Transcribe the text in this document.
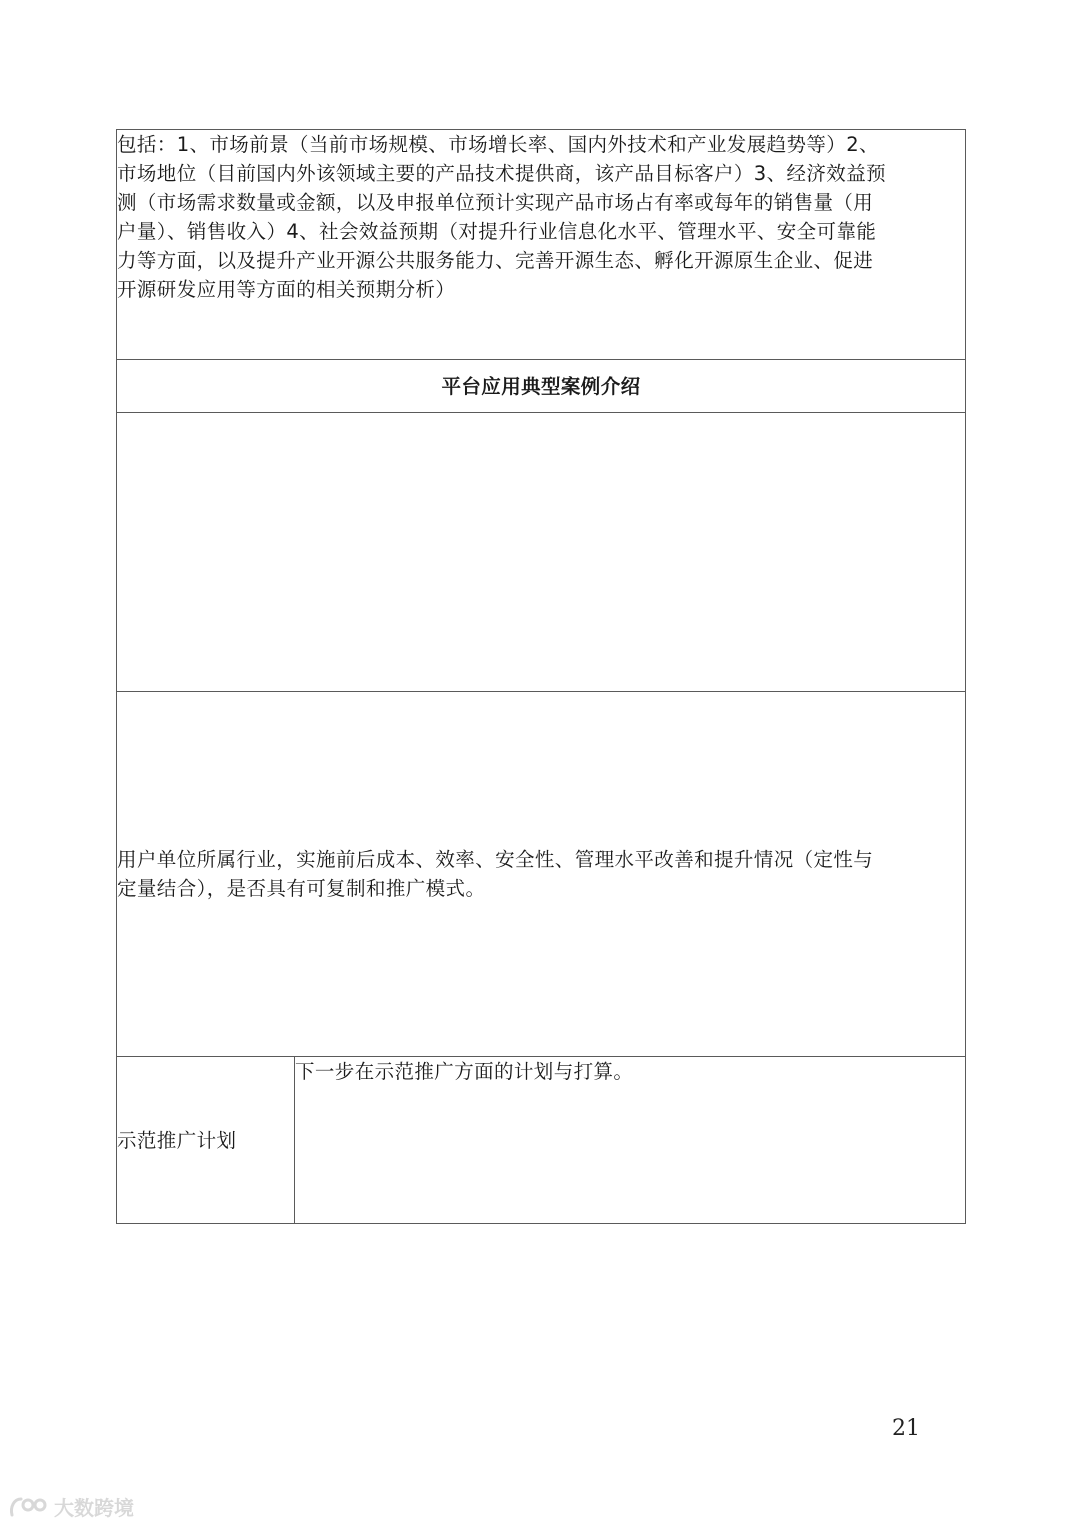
包括：1、市场前景（当前市场规模、市场增长率、国内外技术和产业发展趋势等）2、
市场地位（目前国内外该领域主要的产品技术提供商，该产品目标客户）3、经济效益预
测（市场需求数量或金额，以及申报单位预计实现产品市场占有率或每年的销售量（用
户量）、销售收入）4、社会效益预期（对提升行业信息化水平、管理水平、安全可靠能
力等方面，以及提升产业开源公共服务能力、完善开源生态、孵化开源原生企业、促进
开源研发应用等方面的相关预期分析）
平台应用典型案例介绍

用户单位所属行业，实施前后成本、效率、安全性、管理水平改善和提升情况（定性与
定量结合），是否具有可复制和推广模式。
示范推广计划	下一步在示范推广方面的计划与打算。
21
大数跨境
